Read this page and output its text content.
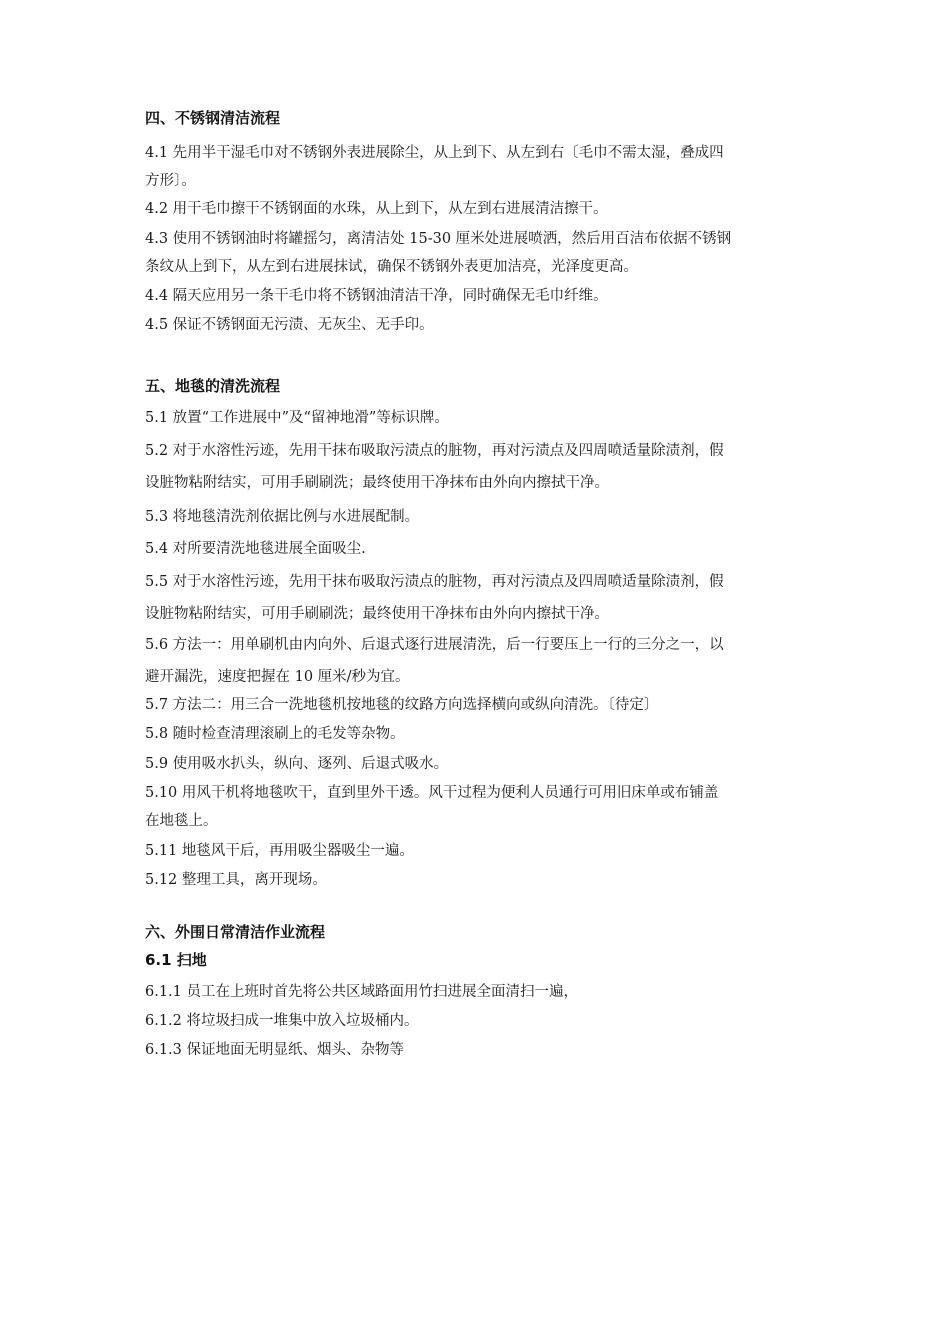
四、不锈钢清洁流程
4.1 先用半干湿毛巾对不锈钢外表进展除尘，从上到下、从左到右〔毛巾不需太湿，叠成四
方形〕。
4.2 用干毛巾擦干不锈钢面的水珠，从上到下，从左到右进展清洁擦干。
4.3 使用不锈钢油时将罐摇匀，离清洁处 15-30 厘米处进展喷洒，然后用百洁布依据不锈钢
条纹从上到下，从左到右进展抹试，确保不锈钢外表更加洁亮，光泽度更高。
4.4 隔天应用另一条干毛巾将不锈钢油清洁干净，同时确保无毛巾纤维。
4.5 保证不锈钢面无污渍、无灰尘、无手印。
五、地毯的清洗流程
5.1 放置“工作进展中”及“留神地滑”等标识牌。
5.2 对于水溶性污迹，先用干抹布吸取污渍点的脏物，再对污渍点及四周喷适量除渍剂，假
设脏物粘附结实，可用手刷刷洗；最终使用干净抹布由外向内擦拭干净。
5.3 将地毯清洗剂依据比例与水进展配制。
5.4 对所要清洗地毯进展全面吸尘.
5.5 对于水溶性污迹，先用干抹布吸取污渍点的脏物，再对污渍点及四周喷适量除渍剂，假
设脏物粘附结实，可用手刷刷洗；最终使用干净抹布由外向内擦拭干净。
5.6 方法一：用单刷机由内向外、后退式逐行进展清洗，后一行要压上一行的三分之一，以
避开漏洗，速度把握在 10 厘米/秒为宜。
5.7 方法二：用三合一洗地毯机按地毯的纹路方向选择横向或纵向清洗。〔待定〕
5.8 随时检查清理滚刷上的毛发等杂物。
5.9 使用吸水扒头，纵向、逐列、后退式吸水。
5.10 用风干机将地毯吹干，直到里外干透。风干过程为便利人员通行可用旧床单或布铺盖
在地毯上。
5.11 地毯风干后，再用吸尘器吸尘一遍。
5.12 整理工具，离开现场。
六、外围日常清洁作业流程
6.1 扫地
6.1.1 员工在上班时首先将公共区域路面用竹扫进展全面清扫一遍，
6.1.2 将垃圾扫成一堆集中放入垃圾桶内。
6.1.3 保证地面无明显纸、烟头、杂物等
